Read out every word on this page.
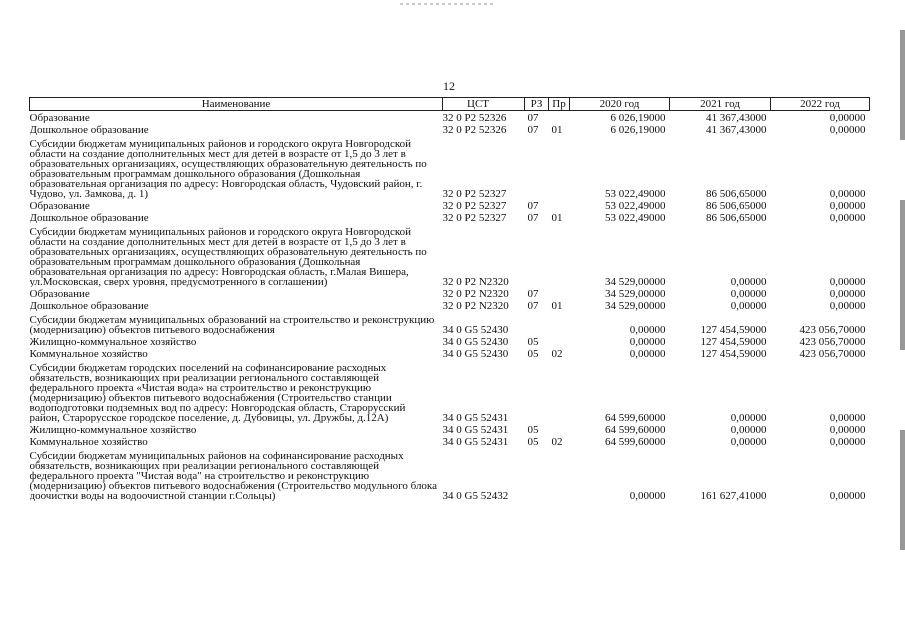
12
Наименование	ЦСТ	РЗ	Пр	2020 год	2021 год	2022 год
Образование	32 0 P2 52326	07		6 026,19000	41 367,43000	0,00000
Дошкольное образование	32 0 P2 52326	07	01	6 026,19000	41 367,43000	0,00000
Субсидии бюджетам муниципальных районов и городского округа Новгородской области на создание дополнительных мест для детей в возрасте от 1,5 до 3 лет в образовательных организациях, осуществляющих образовательную деятельность по образовательным программам дошкольного образования (Дошкольная образовательная организация по адресу: Новгородская область, Чудовский район, г. Чудово, ул. Замкова, д. 1)	32 0 P2 52327			53 022,49000	86 506,65000	0,00000
Образование	32 0 P2 52327	07		53 022,49000	86 506,65000	0,00000
Дошкольное образование	32 0 P2 52327	07	01	53 022,49000	86 506,65000	0,00000
Субсидии бюджетам муниципальных районов и городского округа Новгородской области на создание дополнительных мест для детей в возрасте от 1,5 до 3 лет в образовательных организациях, осуществляющих образовательную деятельность по образовательным программам дошкольного образования (Дошкольная образовательная организация по адресу: Новгородская область, г.Малая Вишера, ул.Московская, сверх уровня, предусмотренного в соглашении)	32 0 P2 N2320			34 529,00000	0,00000	0,00000
Образование	32 0 P2 N2320	07		34 529,00000	0,00000	0,00000
Дошкольное образование	32 0 P2 N2320	07	01	34 529,00000	0,00000	0,00000
Субсидии бюджетам муниципальных образований на строительство и реконструкцию (модернизацию) объектов питьевого водоснабжения	34 0 G5 52430			0,00000	127 454,59000	423 056,70000
Жилищно-коммунальное хозяйство	34 0 G5 52430	05		0,00000	127 454,59000	423 056,70000
Коммунальное хозяйство	34 0 G5 52430	05	02	0,00000	127 454,59000	423 056,70000
Субсидии бюджетам городских поселений на софинансирование расходных обязательств, возникающих при реализации регионального составляющей федерального проекта «Чистая вода» на строительство и реконструкцию (модернизацию) объектов питьевого водоснабжения (Строительство станции водоподготовки подземных вод по адресу: Новгородская область, Старорусский район, Старорусское городское поселение, д. Дубовицы, ул. Дружбы, д.12А)	34 0 G5 52431			64 599,60000	0,00000	0,00000
Жилищно-коммунальное хозяйство	34 0 G5 52431	05		64 599,60000	0,00000	0,00000
Коммунальное хозяйство	34 0 G5 52431	05	02	64 599,60000	0,00000	0,00000
Субсидии бюджетам муниципальных районов на софинансирование расходных обязательств, возникающих при реализации регионального составляющей федерального проекта "Чистая вода" на строительство и реконструкцию (модернизацию) объектов питьевого водоснабжения (Строительство модульного блока доочистки воды на водоочистной станции г.Сольцы)	34 0 G5 52432			0,00000	161 627,41000	0,00000
